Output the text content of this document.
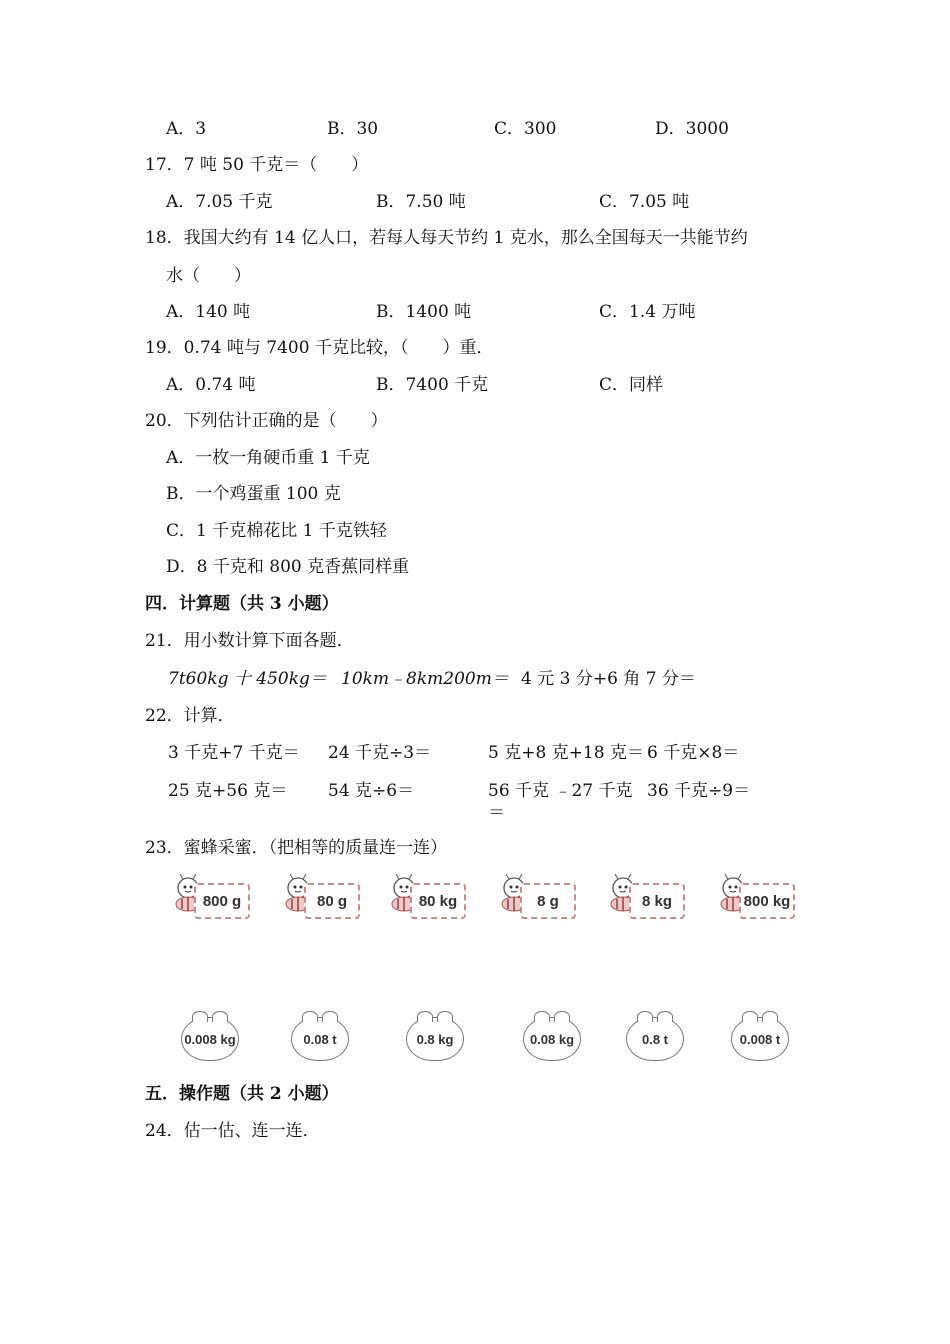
A．3	B．30	C．300	D．3000
17．7 吨 50 千克＝（　　）
A．7.05 千克	B．7.50 吨	C．7.05 吨
18．我国大约有 14 亿人口，若每人每天节约 1 克水，那么全国每天一共能节约
水（　　）
A．140 吨	B．1400 吨	C．1.4 万吨
19．0.74 吨与 7400 千克比较，（　　）重．
A．0.74 吨	B．7400 千克	C．同样
20．下列估计正确的是（　　）
A．一枚一角硬币重 1 千克
B．一个鸡蛋重 100 克
C．1 千克棉花比 1 千克铁轻
D．8 千克和 800 克香蕉同样重
四．计算题（共 3 小题）
21．用小数计算下面各题．
7t60kg 十 450kg＝ 10km﹣8km200m＝ 4 元 3 分+6 角 7 分＝
22．计算．
3 千克+7 千克＝ 24 千克÷3＝	5 克+8 克+18 克＝ 6 千克×8＝
25 克+56 克＝ 54 克÷6＝	56 千克 ﹣27 千克 36 千克÷9＝
＝
23．蜜蜂采蜜．（把相等的质量连一连）
800 g	80 g	80 kg	8 g	8 kg	800 kg
0.008 kg	0.08 t	0.8 kg	0.08 kg	0.8 t	0.008 t
五．操作题（共 2 小题）
24．估一估、连一连．
